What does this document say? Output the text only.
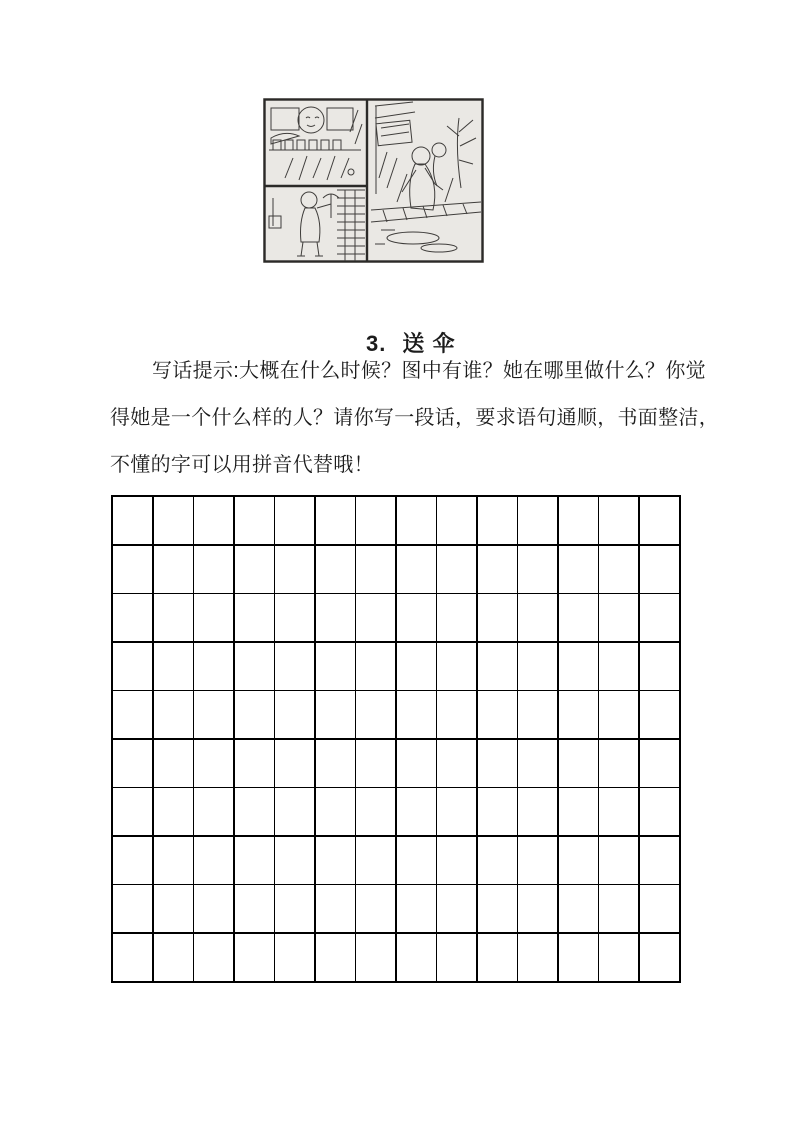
3. 送 伞

写话提示:大概在什么时候？图中有谁？她在哪里做什么？你觉

得她是一个什么样的人？请你写一段话，要求语句通顺，书面整洁，

不懂的字可以用拼音代替哦！
